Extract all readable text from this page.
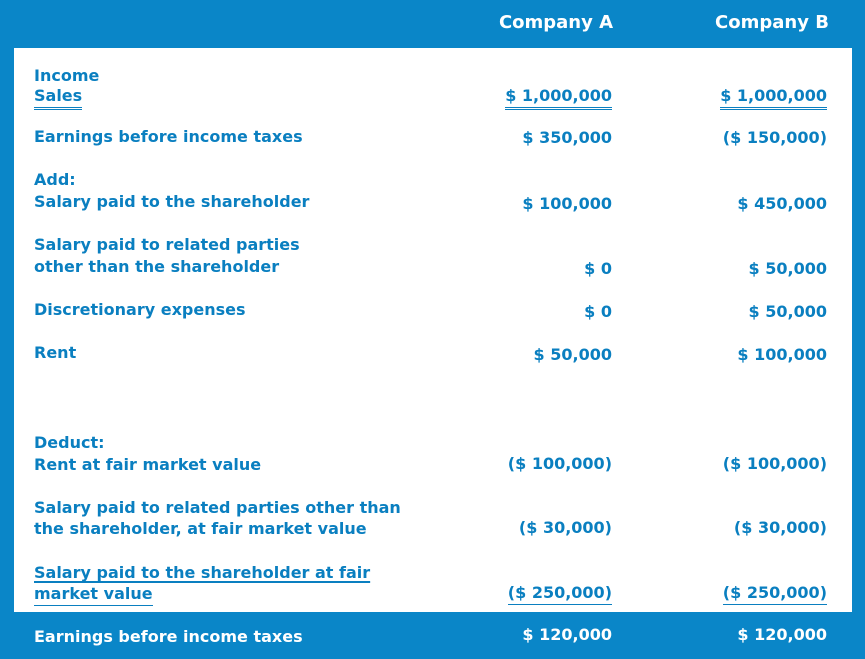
Company A	Company B
Income
Sales	$ 1,000,000	$ 1,000,000
Earnings before income taxes	$ 350,000	($ 150,000)
Add:
Salary paid to the shareholder	$ 100,000	$ 450,000
Salary paid to related parties
other than the shareholder	$ 0	$ 50,000
Discretionary expenses	$ 0	$ 50,000
Rent	$ 50,000	$ 100,000
Deduct:
Rent at fair market value	($ 100,000)	($ 100,000)
Salary paid to related parties other than
the shareholder, at fair market value	($ 30,000)	($ 30,000)
Salary paid to the shareholder at fair
market value	($ 250,000)	($ 250,000)
Earnings before income taxes	$ 120,000	$ 120,000
